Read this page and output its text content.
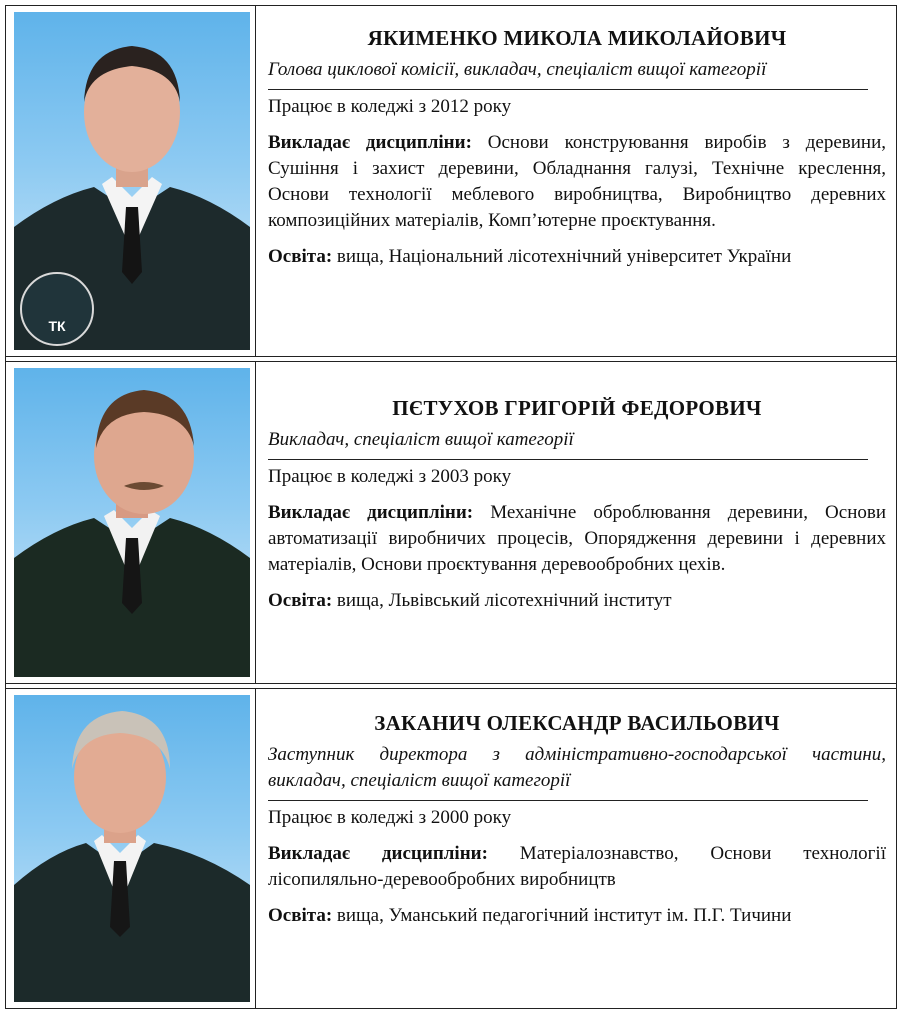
ТК
ЯКИМЕНКО МИКОЛА МИКОЛАЙОВИЧ
Голова циклової комісії, викладач, спеціаліст вищої категорії
Працює в коледжі з 2012 року
Викладає дисципліни: Основи конструювання виробів з деревини, Сушіння і захист деревини, Обладнання галузі, Технічне креслення, Основи технології меблевого виробництва, Виробництво деревних композиційних матеріалів, Комп’ютерне проєктування.
Освіта: вища, Національний лісотехнічний університет України
ПЄТУХОВ ГРИГОРІЙ ФЕДОРОВИЧ
Викладач, спеціаліст вищої категорії
Працює в коледжі з 2003 року
Викладає дисципліни: Механічне оброблювання деревини, Основи автоматизації виробничих процесів, Опорядження деревини і деревних матеріалів, Основи проєктування деревообробних цехів.
Освіта: вища, Львівський лісотехнічний інститут
ЗАКАНИЧ ОЛЕКСАНДР ВАСИЛЬОВИЧ
Заступник директора з адміністративно-господарської частини, викладач, спеціаліст вищої категорії
Працює в коледжі з 2000 року
Викладає дисципліни: Матеріалознавство, Основи технології лісопиляльно-деревообробних виробництв
Освіта: вища, Уманський педагогічний інститут ім. П.Г. Тичини
